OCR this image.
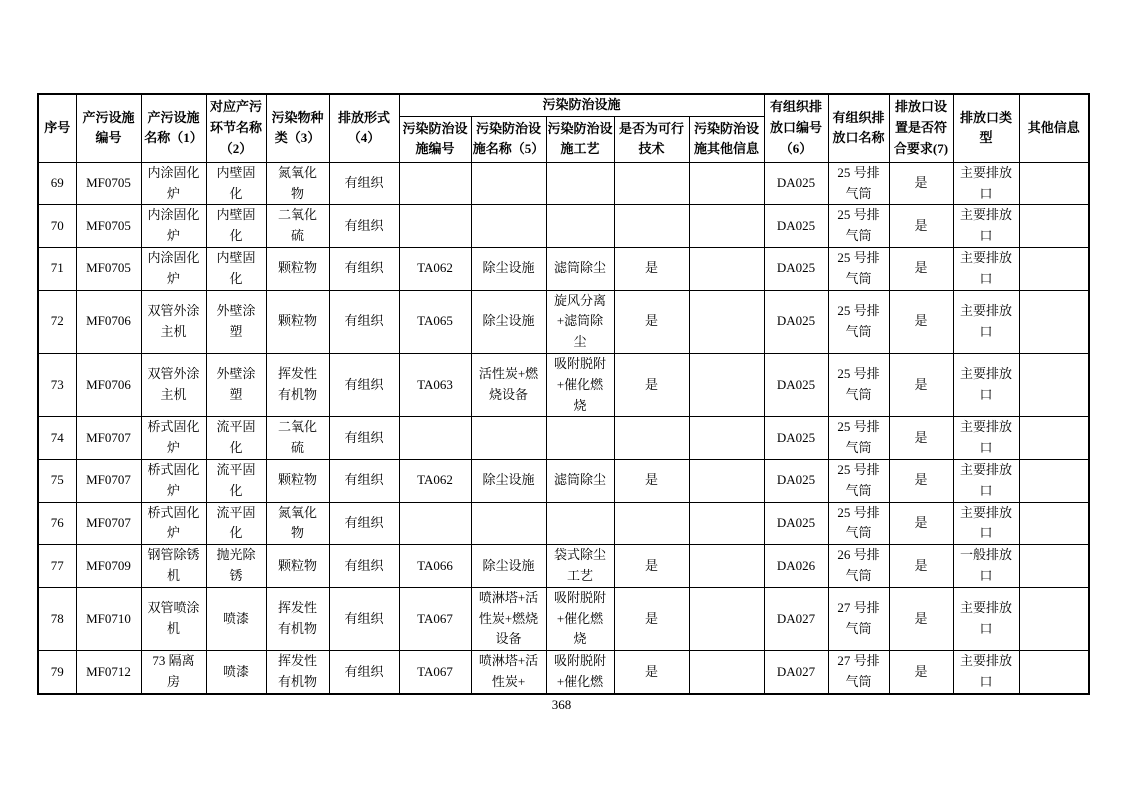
序号	产污设施编号	产污设施名称（1）	对应产污环节名称（2）	污染物种类（3）	排放形式（4）	污染防治设施					有组织排放口编号（6）	有组织排放口名称	排放口设置是否符合要求(7)	排放口类型	其他信息
						污染防治设施编号	污染防治设施名称（5）	污染防治设施工艺	是否为可行技术	污染防治设施其他信息					
69	MF0705	内涂固化炉	内壁固化	氮氧化物	有组织						DA025	25 号排气筒	是	主要排放口	
70	MF0705	内涂固化炉	内壁固化	二氧化硫	有组织						DA025	25 号排气筒	是	主要排放口	
71	MF0705	内涂固化炉	内壁固化	颗粒物	有组织	TA062	除尘设施	滤筒除尘	是		DA025	25 号排气筒	是	主要排放口	
72	MF0706	双管外涂主机	外壁涂塑	颗粒物	有组织	TA065	除尘设施	旋风分离+滤筒除尘	是		DA025	25 号排气筒	是	主要排放口	
73	MF0706	双管外涂主机	外壁涂塑	挥发性有机物	有组织	TA063	活性炭+燃烧设备	吸附脱附+催化燃烧	是		DA025	25 号排气筒	是	主要排放口	
74	MF0707	桥式固化炉	流平固化	二氧化硫	有组织						DA025	25 号排气筒	是	主要排放口	
75	MF0707	桥式固化炉	流平固化	颗粒物	有组织	TA062	除尘设施	滤筒除尘	是		DA025	25 号排气筒	是	主要排放口	
76	MF0707	桥式固化炉	流平固化	氮氧化物	有组织						DA025	25 号排气筒	是	主要排放口	
77	MF0709	钢管除锈机	抛光除锈	颗粒物	有组织	TA066	除尘设施	袋式除尘工艺	是		DA026	26 号排气筒	是	一般排放口	
78	MF0710	双管喷涂机	喷漆	挥发性有机物	有组织	TA067	喷淋塔+活性炭+燃烧设备	吸附脱附+催化燃烧	是		DA027	27 号排气筒	是	主要排放口	
79	MF0712	73 隔离房	喷漆	挥发性有机物	有组织	TA067	喷淋塔+活性炭+	吸附脱附+催化燃	是		DA027	27 号排气筒	是	主要排放口	
368
